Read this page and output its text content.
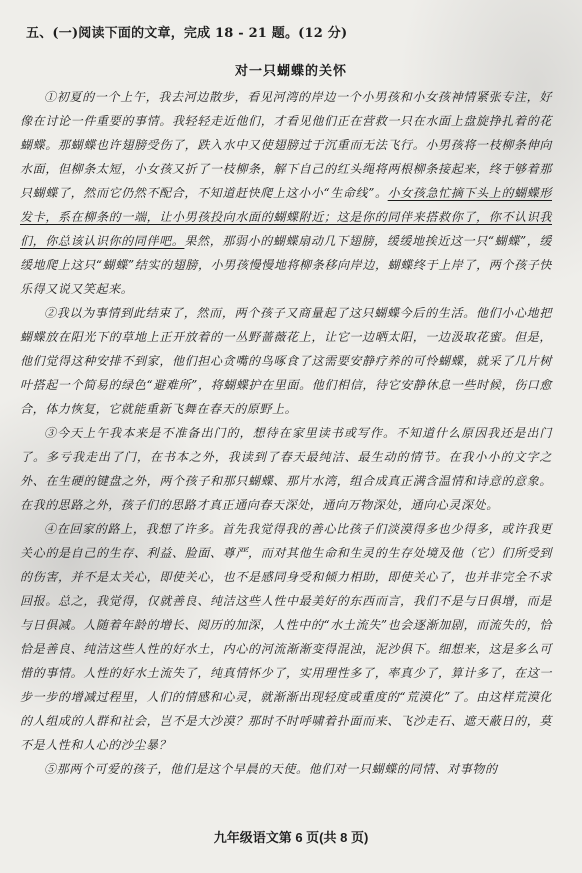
五、(一)阅读下面的文章，完成 18 - 21 题。(12 分)
对一只蝴蝶的关怀

①初夏的一个上午，我去河边散步，看见河湾的岸边一个小男孩和小女孩神情紧张专注，好像在讨论一件重要的事情。我轻轻走近他们，才看见他们正在营救一只在水面上盘旋挣扎着的花蝴蝶。那蝴蝶也许翅膀受伤了，跌入水中又使翅膀过于沉重而无法飞行。小男孩将一枝柳条伸向水面，但柳条太短，小女孩又折了一枝柳条，解下自己的红头绳将两根柳条接起来，终于够着那只蝴蝶了，然而它仍然不配合，不知道赶快爬上这小小“生命线”。小女孩急忙摘下头上的蝴蝶形发卡，系在柳条的一端，让小男孩投向水面的蝴蝶附近；这是你的同伴来搭救你了，你不认识我们，你总该认识你的同伴吧。果然，那弱小的蝴蝶扇动几下翅膀，缓缓地挨近这一只“蝴蝶”，缓缓地爬上这只“蝴蝶”结实的翅膀，小男孩慢慢地将柳条移向岸边，蝴蝶终于上岸了，两个孩子快乐得又说又笑起来。

②我以为事情到此结束了，然而，两个孩子又商量起了这只蝴蝶今后的生活。他们小心地把蝴蝶放在阳光下的草地上正开放着的一丛野蔷薇花上，让它一边晒太阳，一边汲取花蜜。但是，他们觉得这种安排不到家，他们担心贪嘴的鸟啄食了这需要安静疗养的可怜蝴蝶，就采了几片树叶搭起一个简易的绿色“避难所”，将蝴蝶护在里面。他们相信，待它安静休息一些时候，伤口愈合，体力恢复，它就能重新飞舞在春天的原野上。

③今天上午我本来是不准备出门的，想待在家里读书或写作。不知道什么原因我还是出门了。多亏我走出了门，在书本之外，我读到了春天最纯洁、最生动的情节。在我小小的文字之外、在生硬的键盘之外，两个孩子和那只蝴蝶、那片水湾，组合成真正满含温情和诗意的意象。在我的思路之外，孩子们的思路才真正通向春天深处，通向万物深处，通向心灵深处。

④在回家的路上，我想了许多。首先我觉得我的善心比孩子们淡漠得多也少得多，或许我更关心的是自己的生存、利益、脸面、尊严，而对其他生命和生灵的生存处境及他（它）们所受到的伤害，并不是太关心，即使关心，也不是感同身受和倾力相助，即使关心了，也并非完全不求回报。总之，我觉得，仅就善良、纯洁这些人性中最美好的东西而言，我们不是与日俱增，而是与日俱减。人随着年龄的增长、阅历的加深，人性中的“水土流失”也会逐渐加剧，而流失的，恰恰是善良、纯洁这些人性的好水土，内心的河流渐渐变得混浊，泥沙俱下。细想来，这是多么可惜的事情。人性的好水土流失了，纯真情怀少了，实用理性多了，率真少了，算计多了，在这一步一步的增减过程里，人们的情感和心灵，就渐渐出现轻度或重度的“荒漠化”了。由这样荒漠化的人组成的人群和社会，岂不是大沙漠？那时不时呼啸着扑面而来、飞沙走石、遮天蔽日的，莫不是人性和人心的沙尘暴？

⑤那两个可爱的孩子，他们是这个早晨的天使。他们对一只蝴蝶的同情、对事物的

九年级语文第 6 页(共 8 页)
